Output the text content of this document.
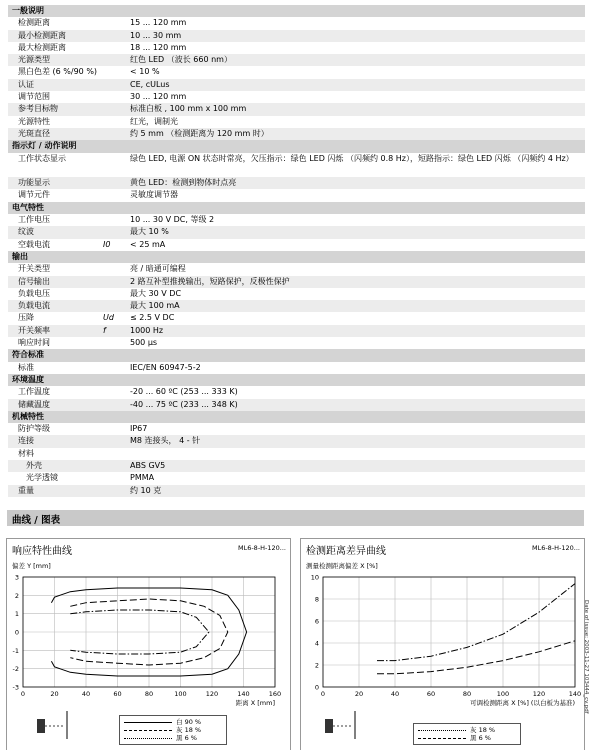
一般说明
检测距离	15 ... 120 mm
最小检测距离	10 ... 30 mm
最大检测距离	18 ... 120 mm
光源类型	红色 LED （波长 660 nm）
黑白色差 (6 %/90 %)	< 10 %
认证	CE, cULus
调节范围	30 ... 120 mm
参考目标物	标准白板 , 100 mm x 100 mm
光源特性	红光，调制光
光斑直径	约 5 mm （检测距离为 120 mm 时）
指示灯 / 动作说明
工作状态显示	绿色 LED, 电源 ON 状态时常亮，欠压指示：绿色 LED 闪烁 （闪频约 0.8 Hz），短路指示：绿色 LED 闪烁 （闪频约 4 Hz）
功能显示	黄色 LED：检测到物体时点亮
调节元件	灵敏度调节器
电气特性
工作电压	10 ... 30 V DC, 等级 2
纹波	最大 10 %
空载电流	I0 < 25 mA
输出
开关类型	亮 / 暗通可编程
信号输出	2 路互补型推挽输出，短路保护，反极性保护
负载电压	最大 30 V DC
负载电流	最大 100 mA
压降	Ud ≤ 2.5 V DC
开关频率	f	1000 Hz
响应时间	500 µs
符合标准
标准	IEC/EN 60947-5-2
环境温度
工作温度	-20 ... 60 ºC (253 ... 333 K)
储藏温度	-40 ... 75 ºC (233 ... 348 K)
机械特性
防护等级	IP67
连接	M8 连接头， 4 - 针
材料
外壳	ABS GV5
光学透镜	PMMA
重量	约 10 克
曲线 / 图表
响应特性曲线	ML6-8-H-120...
偏差 Y [mm]
0	20	40	60	80	100	120	140	160
-3
-2
-1
0
1
2
3
距离 X [mm]
白 90 %
灰 18 %
黑 6 %
检测距离差异曲线	ML6-8-H-120...
测量检测距离偏差 X [%]
0	20	40	60	80	100	120	140
0
2
4
6
8
10
可调检测距离 X [%] (以白板为基准)
灰 18 %
黑 6 %
Date of issue: 2003-11-27 103444_cv.pdf
